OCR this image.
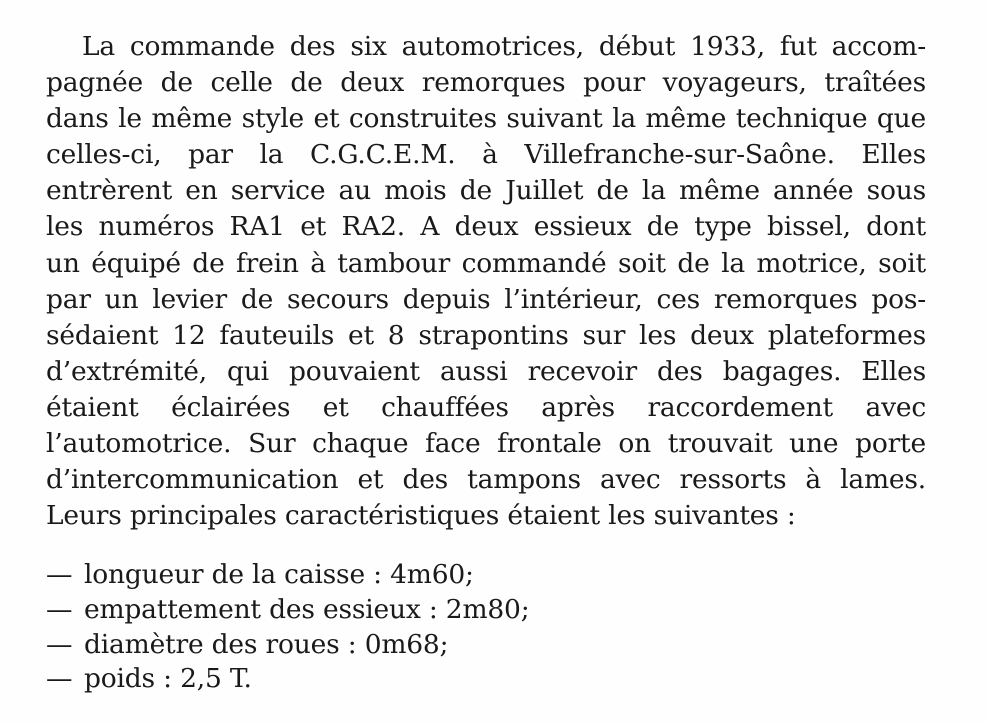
La commande des six automotrices, début 1933, fut accom-
pagnée de celle de deux remorques pour voyageurs, traîtées
dans le même style et construites suivant la même technique que
celles-ci, par la C.G.C.E.M. à Villefranche-sur-Saône. Elles
entrèrent en service au mois de Juillet de la même année sous
les numéros RA1 et RA2. A deux essieux de type bissel, dont
un équipé de frein à tambour commandé soit de la motrice, soit
par un levier de secours depuis l’intérieur, ces remorques pos-
sédaient 12 fauteuils et 8 strapontins sur les deux plateformes
d’extrémité, qui pouvaient aussi recevoir des bagages. Elles
étaient éclairées et chauffées après raccordement avec
l’automotrice. Sur chaque face frontale on trouvait une porte
d’intercommunication et des tampons avec ressorts à lames.
Leurs principales caractéristiques étaient les suivantes :
— longueur de la caisse : 4m60;
— empattement des essieux : 2m80;
— diamètre des roues : 0m68;
— poids : 2,5 T.
